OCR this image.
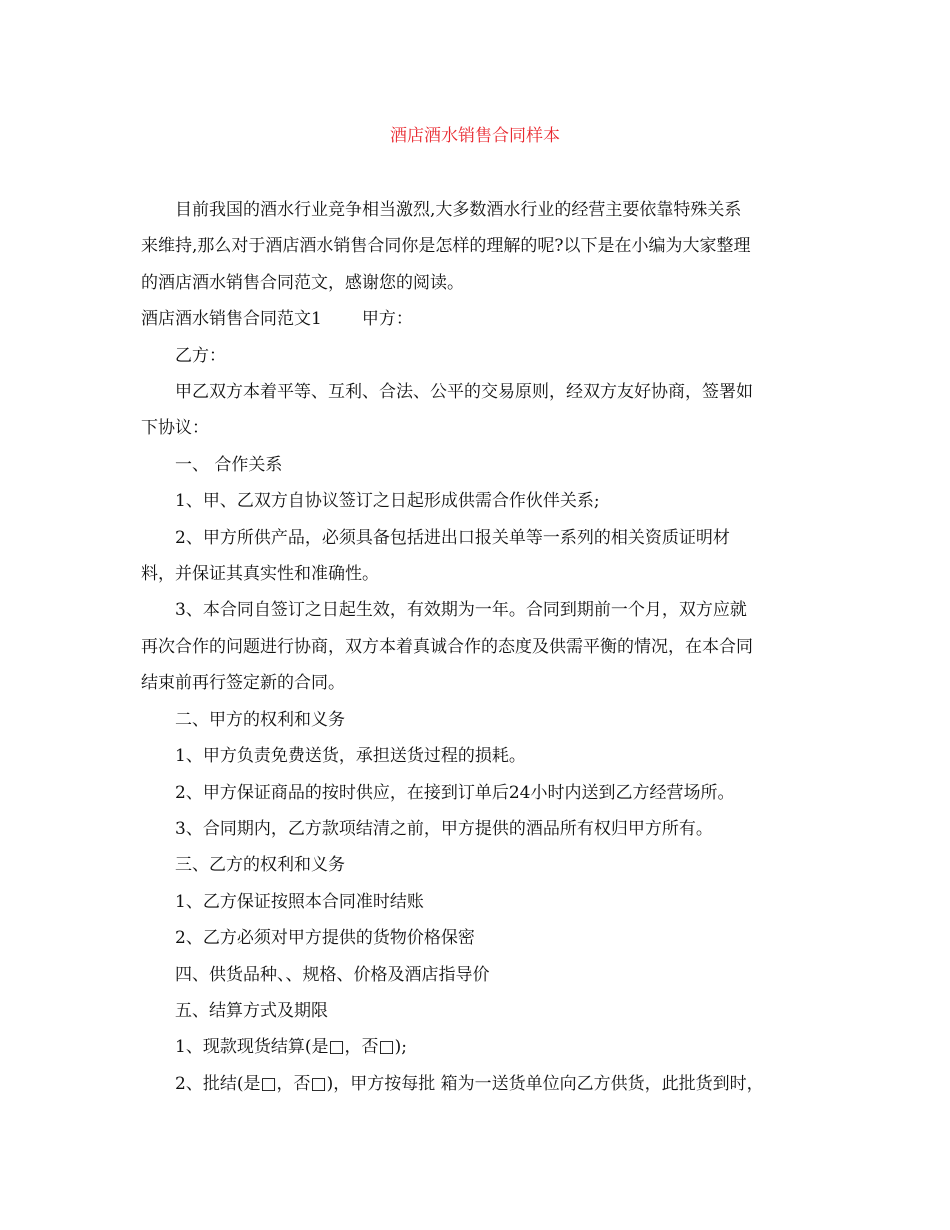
酒店酒水销售合同样本

目前我国的酒水行业竞争相当激烈,大多数酒水行业的经营主要依靠特殊关系
来维持,那么对于酒店酒水销售合同你是怎样的理解的呢?以下是在小编为大家整理
的酒店酒水销售合同范文，感谢您的阅读。

酒店酒水销售合同范文1 甲方：

乙方：

甲乙双方本着平等、互利、合法、公平的交易原则，经双方友好协商，签署如
下协议：

一、 合作关系

1、甲、乙双方自协议签订之日起形成供需合作伙伴关系;

2、甲方所供产品，必须具备包括进出口报关单等一系列的相关资质证明材
料，并保证其真实性和准确性。

3、本合同自签订之日起生效，有效期为一年。合同到期前一个月，双方应就
再次合作的问题进行协商，双方本着真诚合作的态度及供需平衡的情况，在本合同
结束前再行签定新的合同。

二、甲方的权利和义务

1、甲方负责免费送货，承担送货过程的损耗。

2、甲方保证商品的按时供应，在接到订单后24小时内送到乙方经营场所。

3、合同期内，乙方款项结清之前，甲方提供的酒品所有权归甲方所有。

三、乙方的权利和义务

1、乙方保证按照本合同准时结账

2、乙方必须对甲方提供的货物价格保密

四、供货品种、、规格、价格及酒店指导价

五、结算方式及期限

1、现款现货结算(是□，否□);

2、批结(是□，否□)，甲方按每批 箱为一送货单位向乙方供货，此批货到时，
